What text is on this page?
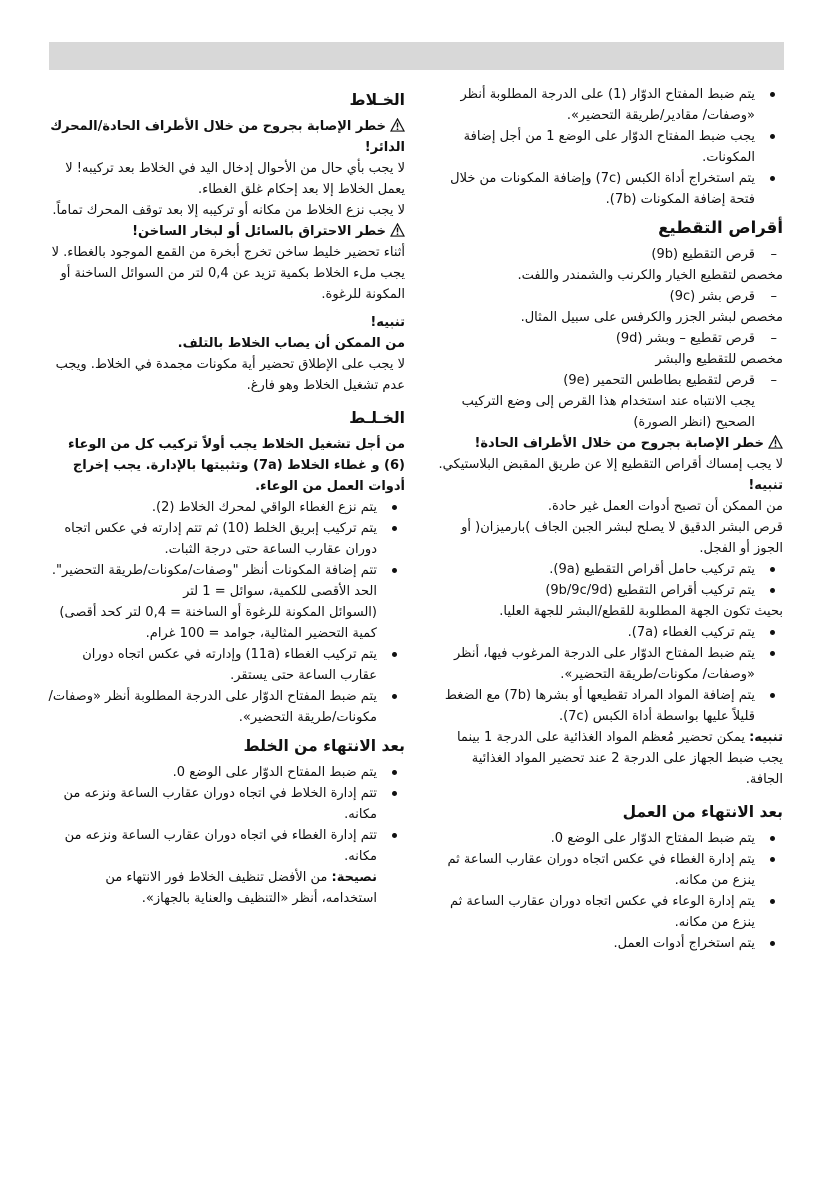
يتم ضبط المفتاح الدوّار (1) على الدرجة المطلوبة أنظر «وصفات/ مقادير/طريقة التحضير».
يجب ضبط المفتاح الدوّار على الوضع 1 من أجل إضافة المكونات.
يتم استخراج أداة الكبس (7c) وإضافة المكونات من خلال فتحة إضافة المكونات (7b).

أقراص التقطيع

– قرص التقطيع (9b)
مخصص لتقطيع الخيار والكرنب والشمندر واللفت.
– قرص بشر (9c)
مخصص لبشر الجزر والكرفس على سبيل المثال.
– قرص تقطيع – وبشر (9d)
مخصص للتقطيع والبشر
– قرص لتقطيع بطاطس التحمير (9e)
يجب الانتباه عند استخدام هذا القرص إلى وضع التركيب الصحيح (انظر الصورة)

خطر الإصابة بجروح من خلال الأطراف الحادة!

لا يجب إمساك أقراص التقطيع إلا عن طريق المقبض البلاستيكي.

تنبيه!

من الممكن أن تصبح أدوات العمل غير حادة.

قرص البشر الدقيق لا يصلح لبشر الجبن الجاف )بارميزان( أو الجوز أو الفجل.

يتم تركيب حامل أقراص التقطيع (9a).
يتم تركيب أقراص التقطيع (9b/9c/9d)

بحيث تكون الجهة المطلوبة للقطع/البشر للجهة العليا.

يتم تركيب الغطاء (7a).
يتم ضبط المفتاح الدوّار على الدرجة المرغوب فيها، أنظر «وصفات/ مكونات/طريقة التحضير».
يتم إضافة المواد المراد تقطيعها أو بشرها (7b) مع الضغط قليلاً عليها بواسطة أداة الكبس (7c).

تنبيه: يمكن تحضير مُعظم المواد الغذائية على الدرجة 1 بينما يجب ضبط الجهاز على الدرجة 2 عند تحضير المواد الغذائية الجافة.

بعد الانتهاء من العمل

يتم ضبط المفتاح الدوّار على الوضع 0.
يتم إدارة الغطاء في عكس اتجاه دوران عقارب الساعة ثم ينزع من مكانه.
يتم إدارة الوعاء في عكس اتجاه دوران عقارب الساعة ثم ينزع من مكانه.
يتم استخراج أدوات العمل.

الخـلاط

خطر الإصابة بجروح من خلال الأطراف الحادة/المحرك الدائر!

لا يجب بأي حال من الأحوال إدخال اليد في الخلاط بعد تركيبه! لا يعمل الخلاط إلا بعد إحكام غلق الغطاء.

لا يجب نزع الخلاط من مكانه أو تركيبه إلا بعد توقف المحرك تماماً.

خطر الاحتراق بالسائل أو لبخار الساخن!

أثناء تحضير خليط ساخن تخرج أبخرة من القمع الموجود بالغطاء. لا يجب ملء الخلاط بكمية تزيد عن 0,4 لتر من السوائل الساخنة أو المكونة للرغوة.

تنبيه!

من الممكن أن يصاب الخلاط بالتلف.

لا يجب على الإطلاق تحضير أية مكونات مجمدة في الخلاط. ويجب عدم تشغيل الخلاط وهو فارغ.

الخـلـط

من أجل تشغيل الخلاط يجب أولاً تركيب كل من الوعاء (6) و غطاء الخلاط (7a) وتثبيتها بالإدارة. يجب إخراج أدوات العمل من الوعاء.

يتم نزع الغطاء الواقي لمحرك الخلاط (2).
يتم تركيب إبريق الخلط (10) ثم تتم إدارته في عكس اتجاه دوران عقارب الساعة حتى درجة الثبات.
تتم إضافة المكونات أنظر "وصفات/مكونات/طريقة التحضير".

الحد الأقصى للكمية، سوائل = 1 لتر

(السوائل المكونة للرغوة أو الساخنة = 0,4 لتر كحد أقصى)

كمية التحضير المثالية، جوامد = 100 غرام.

يتم تركيب الغطاء (11a) وإدارته في عكس اتجاه دوران عقارب الساعة حتى يستقر.
يتم ضبط المفتاح الدوّار على الدرجة المطلوبة أنظر «وصفات/مكونات/طريقة التحضير».

بعد الانتهاء من الخلط

يتم ضبط المفتاح الدوّار على الوضع 0.
تتم إدارة الخلاط في اتجاه دوران عقارب الساعة ونزعه من مكانه.
تتم إدارة الغطاء في اتجاه دوران عقارب الساعة ونزعه من مكانه.

نصيحة: من الأفضل تنظيف الخلاط فور الانتهاء من استخدامه، أنظر «التنظيف والعناية بالجهاز».
